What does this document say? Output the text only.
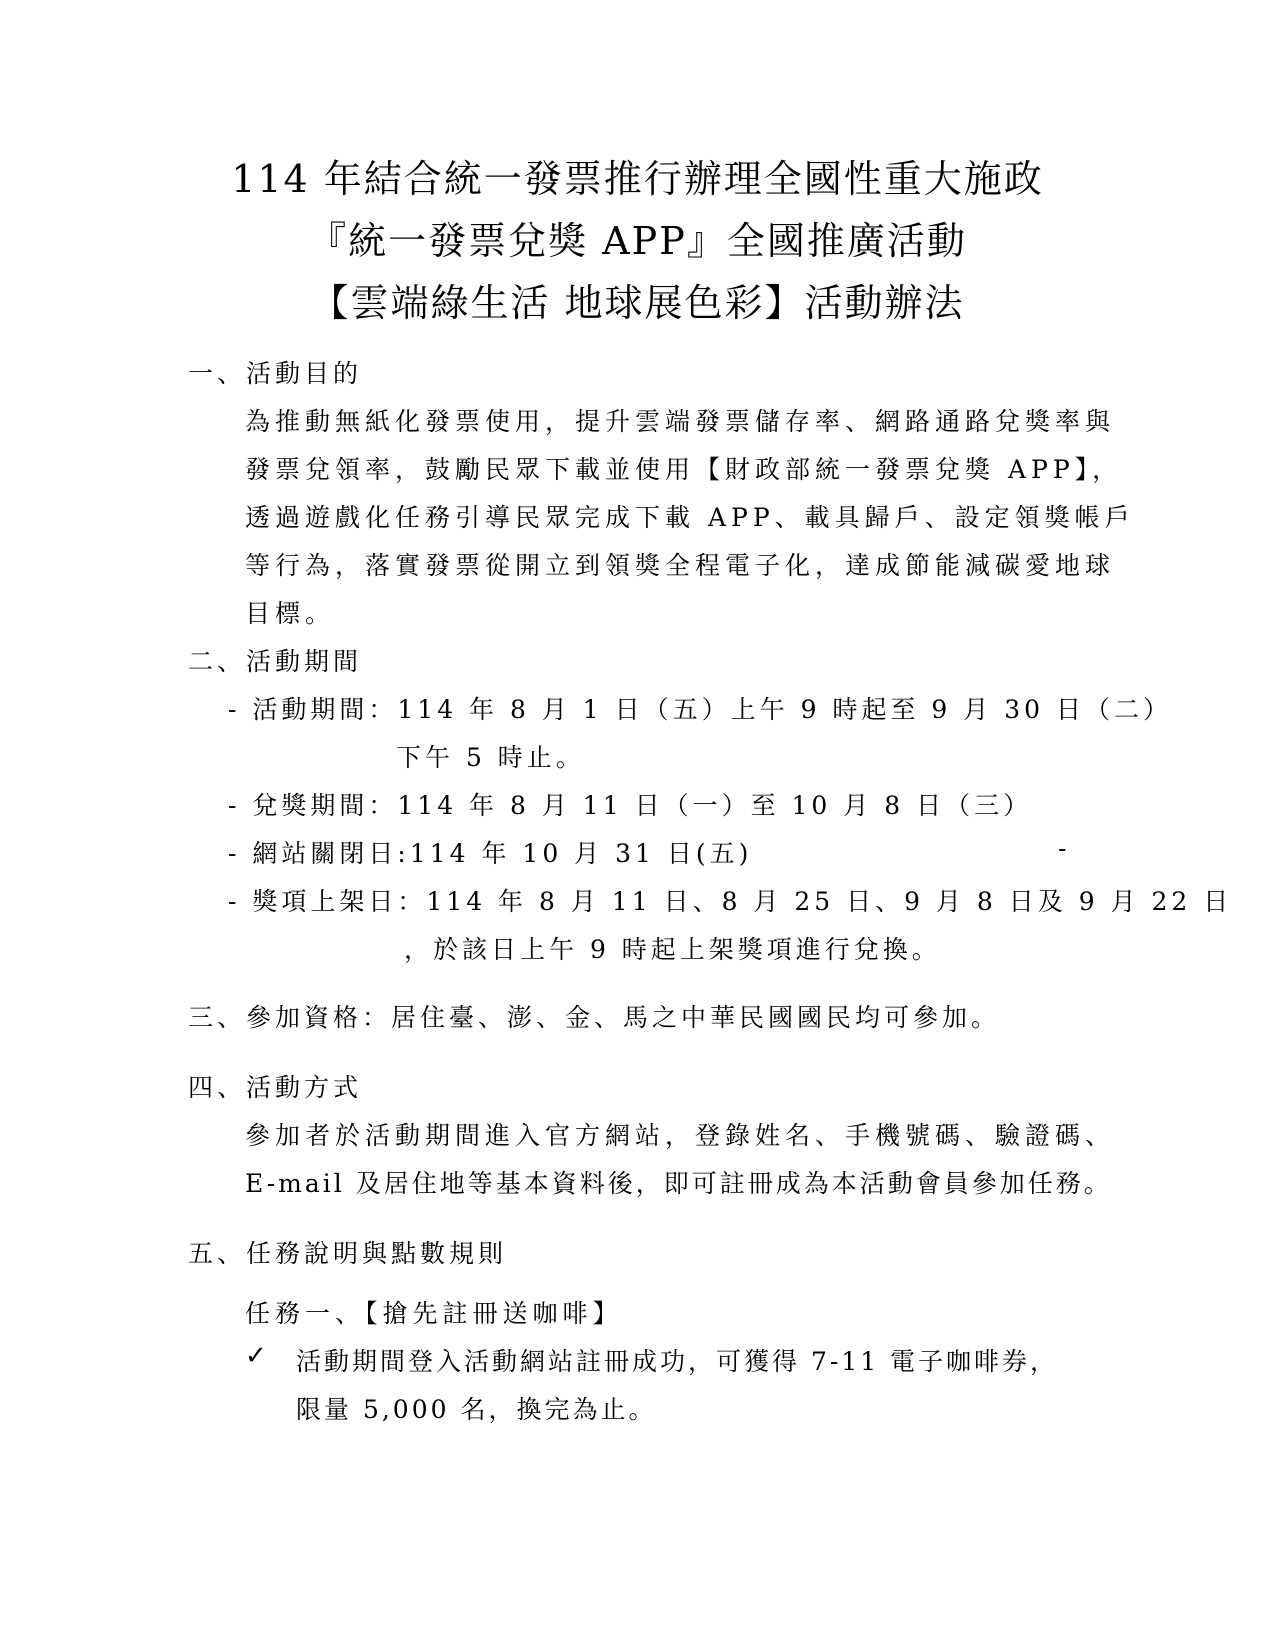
114 年結合統一發票推行辦理全國性重大施政
『統一發票兌獎 APP』全國推廣活動
【雲端綠生活 地球展色彩】活動辦法
一、活動目的
為推動無紙化發票使用，提升雲端發票儲存率、網路通路兌獎率與
發票兌領率，鼓勵民眾下載並使用【財政部統一發票兌獎 APP】，
透過遊戲化任務引導民眾完成下載 APP、載具歸戶、設定領獎帳戶
等行為，落實發票從開立到領獎全程電子化，達成節能減碳愛地球
目標。
二、活動期間
- 活動期間：114 年 8 月 1 日（五）上午 9 時起至 9 月 30 日（二）
下午 5 時止。
- 兌獎期間：114 年 8 月 11 日（一）至 10 月 8 日（三）
- 網站關閉日:114 年 10 月 31 日(五)	-
- 獎項上架日：114 年 8 月 11 日、8 月 25 日、9 月 8 日及 9 月 22 日
，於該日上午 9 時起上架獎項進行兌換。
三、參加資格：居住臺、澎、金、馬之中華民國國民均可參加。
四、活動方式
參加者於活動期間進入官方網站，登錄姓名、手機號碼、驗證碼、
E-mail 及居住地等基本資料後，即可註冊成為本活動會員參加任務。
五、任務說明與點數規則
任務一、【搶先註冊送咖啡】
✓ 活動期間登入活動網站註冊成功，可獲得 7-11 電子咖啡券，
限量 5,000 名，換完為止。
